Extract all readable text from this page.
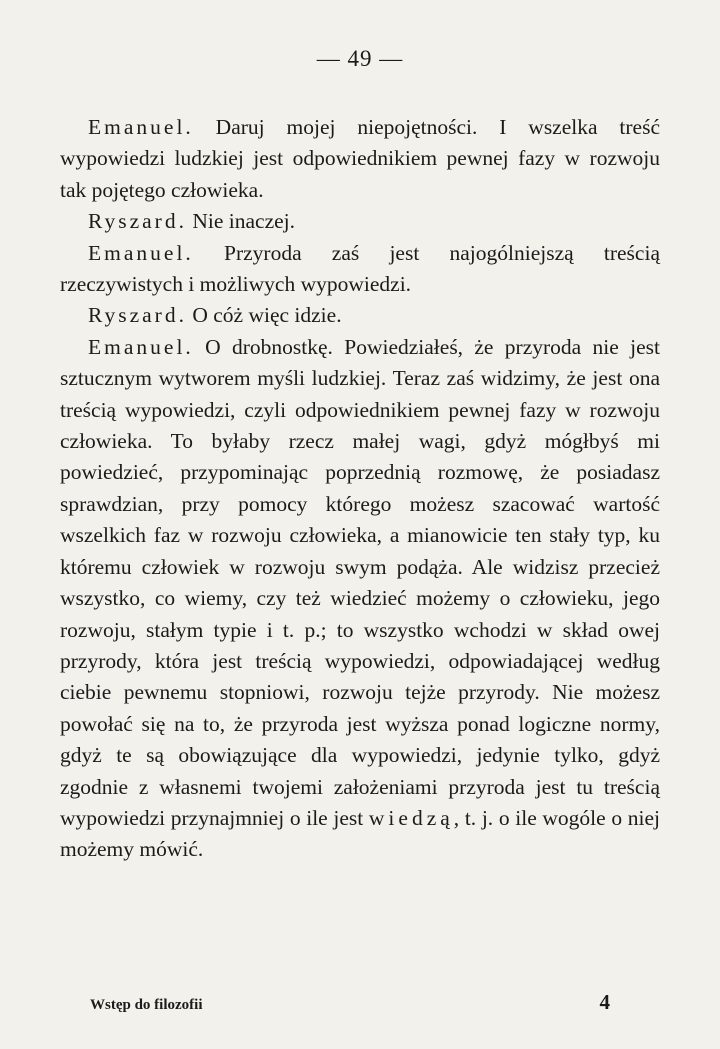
— 49 —

Emanuel. Daruj mojej niepojętności. I wszelka treść wypowiedzi ludzkiej jest odpowiednikiem pewnej fazy w rozwoju tak pojętego człowieka.

Ryszard. Nie inaczej.

Emanuel. Przyroda zaś jest najogólniejszą treścią rzeczywistych i możliwych wypowiedzi.

Ryszard. O cóż więc idzie.

Emanuel. O drobnostkę. Powiedziałeś, że przyroda nie jest sztucznym wytworem myśli ludzkiej. Teraz zaś widzimy, że jest ona treścią wypowiedzi, czyli odpowiednikiem pewnej fazy w rozwoju człowieka. To byłaby rzecz małej wagi, gdyż mógłbyś mi powiedzieć, przypominając poprzednią rozmowę, że posiadasz sprawdzian, przy pomocy którego możesz szacować wartość wszelkich faz w rozwoju człowieka, a mianowicie ten stały typ, ku któremu człowiek w rozwoju swym podąża. Ale widzisz przecież wszystko, co wiemy, czy też wiedzieć możemy o człowieku, jego rozwoju, stałym typie i t. p.; to wszystko wchodzi w skład owej przyrody, która jest treścią wypowiedzi, odpowiadającej według ciebie pewnemu stopniowi, rozwoju tejże przyrody. Nie możesz powołać się na to, że przyroda jest wyższa ponad logiczne normy, gdyż te są obowiązujące dla wypowiedzi, jedynie tylko, gdyż zgodnie z własnemi twojemi założeniami przyroda jest tu treścią wypowiedzi przynajmniej o ile jest wiedzą, t. j. o ile wogóle o niej możemy mówić.

Wstęp do filozofii	4
